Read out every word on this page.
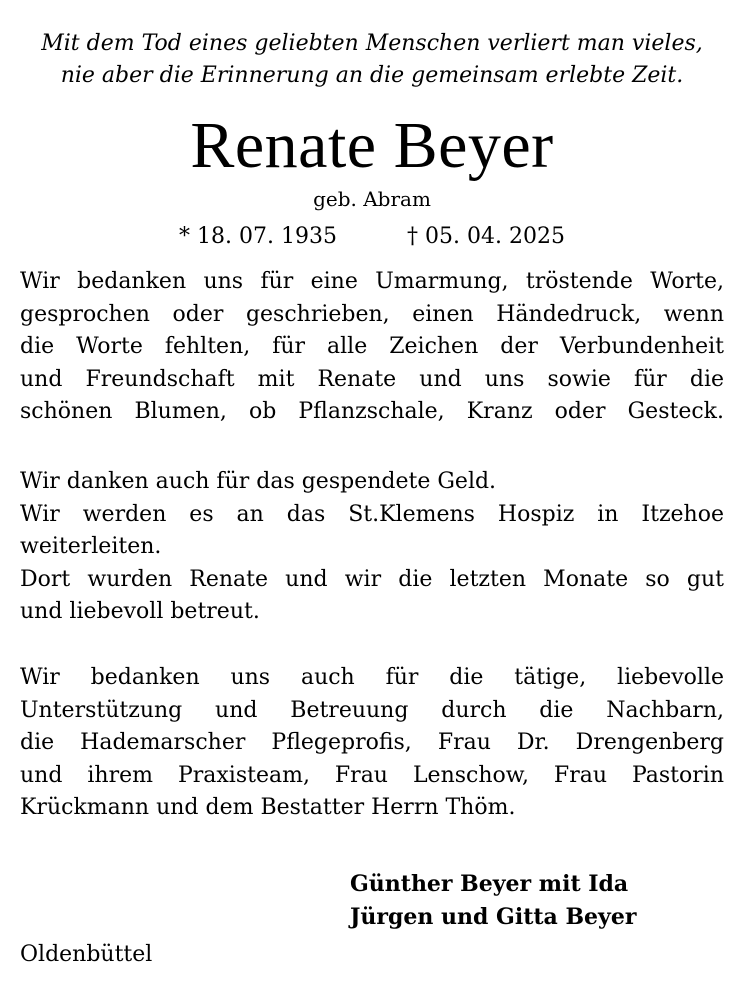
Mit dem Tod eines geliebten Menschen verliert man vieles,
nie aber die Erinnerung an die gemeinsam erlebte Zeit.
Renate Beyer
geb. Abram
* 18. 07. 1935	† 05. 04. 2025
Wir bedanken uns für eine Umarmung, tröstende Worte,
gesprochen oder geschrieben, einen Händedruck, wenn
die Worte fehlten, für alle Zeichen der Verbundenheit
und Freundschaft mit Renate und uns sowie für die
schönen Blumen, ob Pflanzschale, Kranz oder Gesteck.
Wir danken auch für das gespendete Geld.
Wir werden es an das St.Klemens Hospiz in Itzehoe
weiterleiten.
Dort wurden Renate und wir die letzten Monate so gut
und liebevoll betreut.
Wir bedanken uns auch für die tätige, liebevolle
Unterstützung und Betreuung durch die Nachbarn,
die Hademarscher Pflegeprofis, Frau Dr. Drengenberg
und ihrem Praxisteam, Frau Lenschow, Frau Pastorin
Krückmann und dem Bestatter Herrn Thöm.
Günther Beyer mit Ida
Jürgen und Gitta Beyer
Oldenbüttel
